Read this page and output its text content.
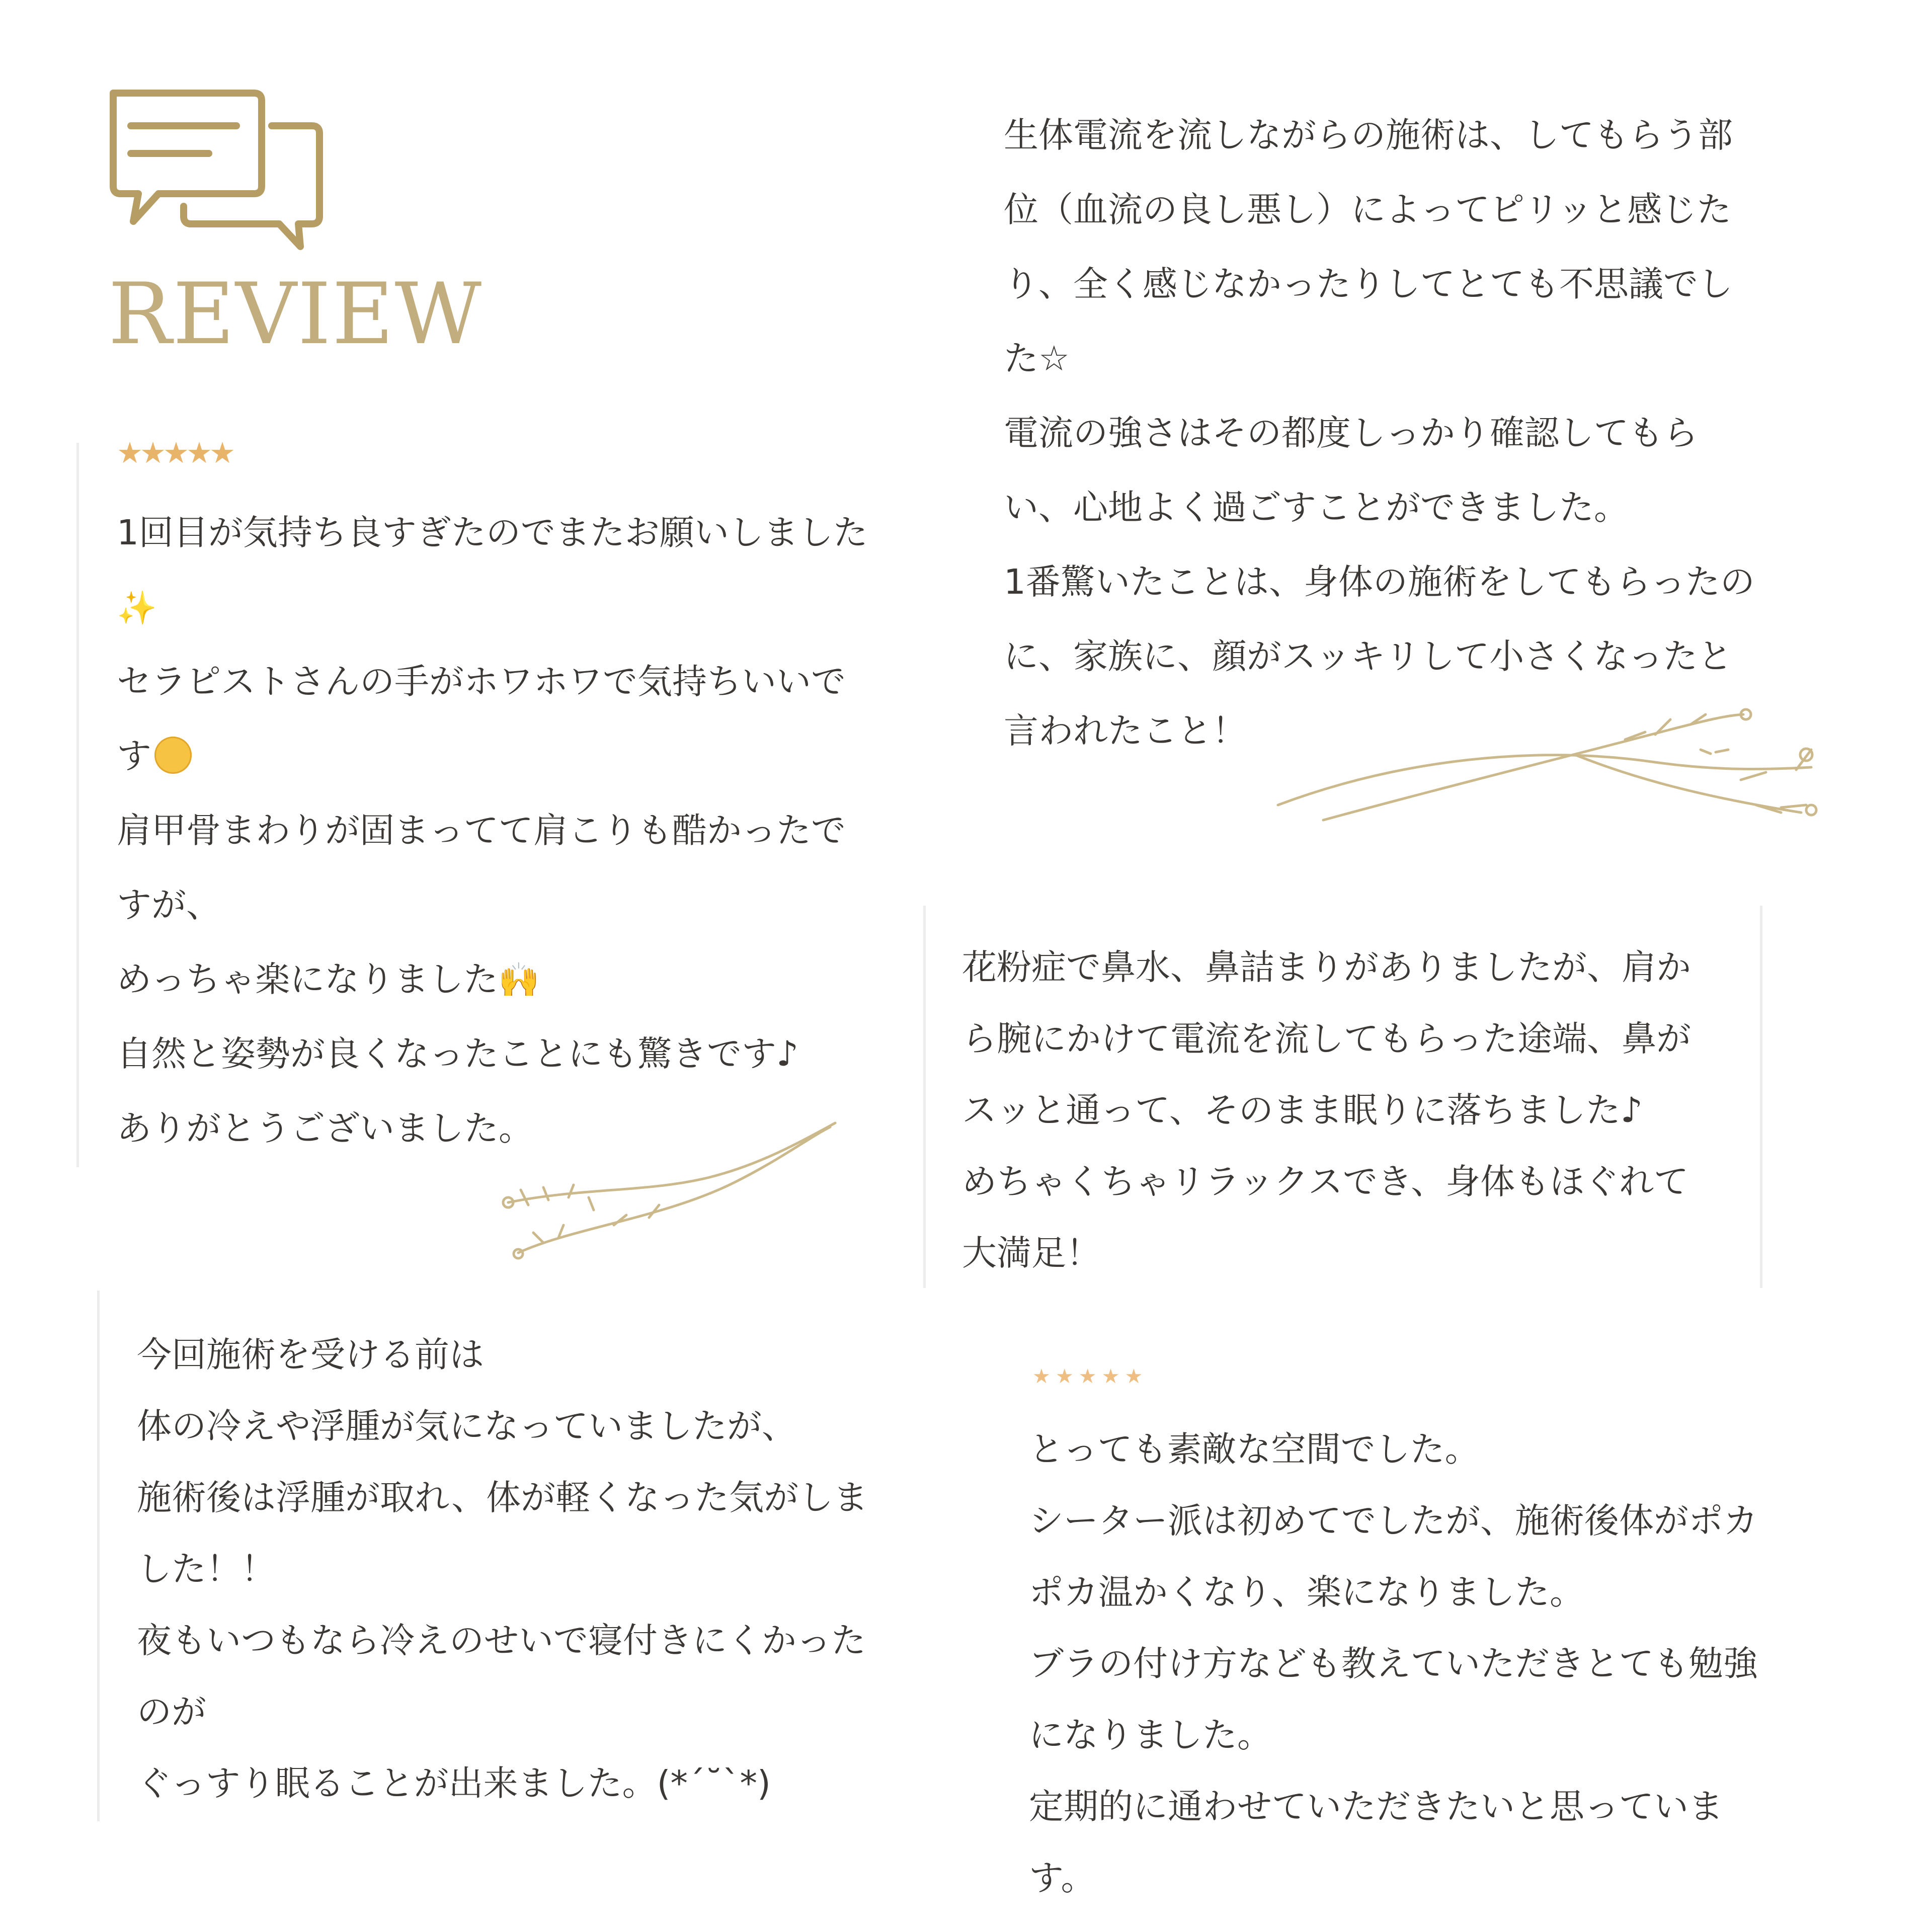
REVIEW
★★★★★
1回目が気持ち良すぎたのでまたお願いしました
✨
セラピストさんの手がホワホワで気持ちいいで
す
肩甲骨まわりが固まってて肩こりも酷かったで
すが、
めっちゃ楽になりました🙌
自然と姿勢が良くなったことにも驚きです♪
ありがとうございました。
生体電流を流しながらの施術は、してもらう部
位（血流の良し悪し）によってピリッと感じた
り、全く感じなかったりしてとても不思議でし
た☆
電流の強さはその都度しっかり確認してもら
い、心地よく過ごすことができました。
1番驚いたことは、身体の施術をしてもらったの
に、家族に、顔がスッキリして小さくなったと
言われたこと！
花粉症で鼻水、鼻詰まりがありましたが、肩か
ら腕にかけて電流を流してもらった途端、鼻が
スッと通って、そのまま眠りに落ちました♪
めちゃくちゃリラックスでき、身体もほぐれて
大満足！
今回施術を受ける前は
体の冷えや浮腫が気になっていましたが、
施術後は浮腫が取れ、体が軽くなった気がしま
した！！
夜もいつもなら冷えのせいで寝付きにくかった
のが
ぐっすり眠ることが出来ました。(*´˘`*)
★★★★★
とっても素敵な空間でした。
シーター派は初めてでしたが、施術後体がポカ
ポカ温かくなり、楽になりました。
ブラの付け方なども教えていただきとても勉強
になりました。
定期的に通わせていただきたいと思っていま
す。
